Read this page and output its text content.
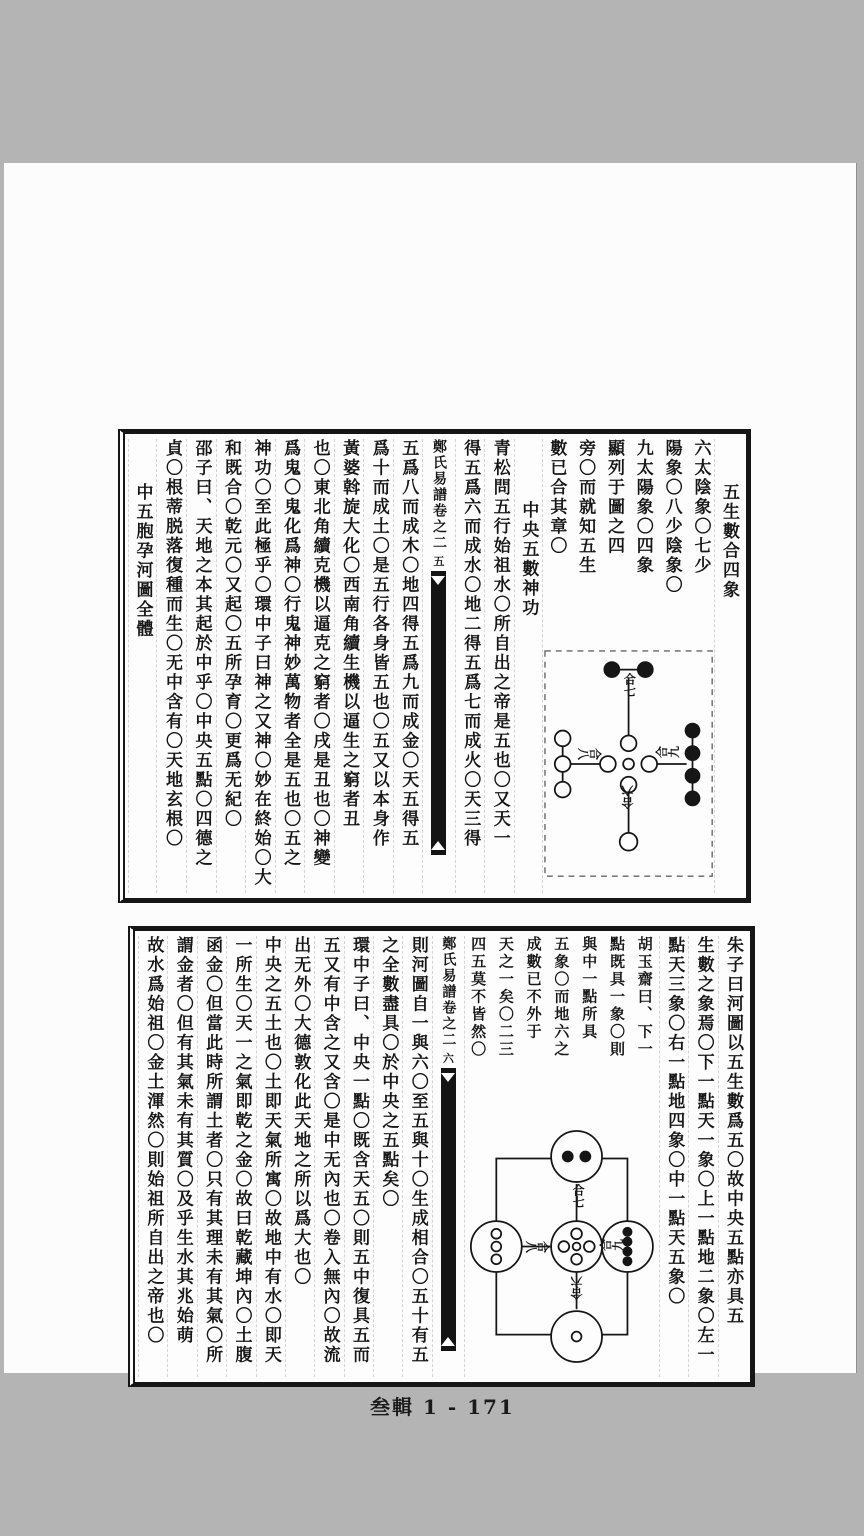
五生數合四象
六太陰象〇七少
陽象〇八少陰象〇
九太陽象〇四象
顯列于圖之四
旁〇而就知五生
數已合其章〇
合七
合九
合八
合六
中央五數神功
青松問五行始祖水〇所自出之帝是五也〇又天一
得五爲六而成水〇地二得五爲七而成火〇天三得
鄭氏易譜卷之二
五
五爲八而成木〇地四得五爲九而成金〇天五得五
爲十而成土〇是五行各身皆五也〇五又以本身作
黃婆斡旋大化〇西南角續生機以逼生之窮者丑
也〇東北角續克機以逼克之窮者〇戌是丑也〇神變
爲鬼〇鬼化爲神〇行鬼神妙萬物者全是五也〇五之
神功〇至此極乎〇環中子曰神之又神〇妙在終始〇大
和既合〇乾元〇又起〇五所孕育〇更爲无紀〇
邵子曰、天地之本其起於中乎〇中央五點〇四德之
貞〇根蒂脱落復種而生〇无中含有〇天地玄根〇
中五胞孕河圖全體
朱子曰河圖以五生數爲五〇故中央五點亦具五
生數之象焉〇下一點天一象〇上一點地二象〇左一
點天三象〇右一點地四象〇中一點天五象〇
胡玉齋曰、下一
點既具一象〇則
與中一點所具
五象〇而地六之
成數已不外于
天之一矣〇二三
四五莫不皆然〇
合七
合九
合八
合六
鄭氏易譜卷之二
六
則河圖自一與六〇至五與十〇生成相合〇五十有五
之全數盡具〇於中央之五點矣〇
環中子曰、中央一點〇既含天五〇則五中復具五而
五又有中含之又含〇是中无內也〇卷入無內〇故流
出无外〇大德敦化此天地之所以爲大也〇
中央之五土也〇土即天氣所寓〇故地中有水〇即天
一所生〇天一之氣即乾之金〇故曰乾藏坤內〇土腹
函金〇但當此時所謂土者〇只有其理未有其氣〇所
謂金者〇但有其氣未有其質〇及乎生水其兆始萌
故水爲始祖〇金土渾然〇則始祖所自出之帝也〇
叁輯 1 - 171
